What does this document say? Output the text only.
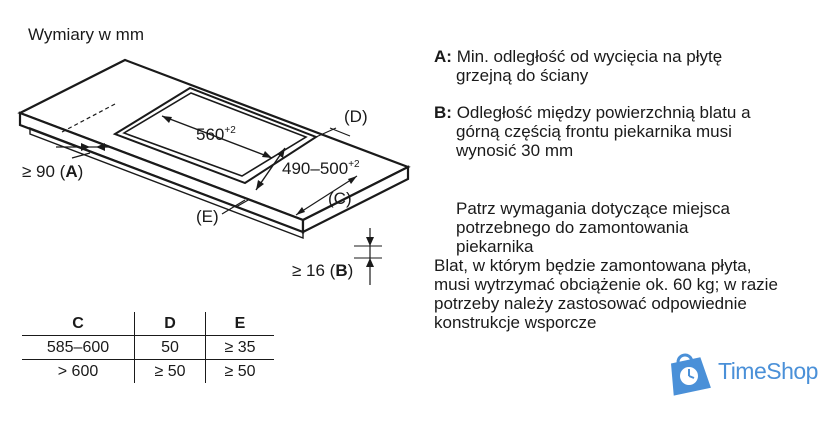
Wymiary w mm
$560^{+2}$
$490-500^{+2}$
(D)
(C)
(E)
≥ 90 (A)
≥ 16 (B)

A: Min. odległość od wycięcia na płytę

grzejną do ściany

B: Odległość między powierzchnią blatu a

górną częścią frontu piekarnika musi

wynosić 30 mm

Patrz wymagania dotyczące miejsca

potrzebnego do zamontowania

piekarnika

Blat, w którym będzie zamontowana płyta,

musi wytrzymać obciążenie ok. 60 kg; w razie

potrzeby należy zastosować odpowiednie

konstrukcje wsporcze

C	D	E
585–600	50	≥ 35
> 600	≥ 50	≥ 50	TimeShop
